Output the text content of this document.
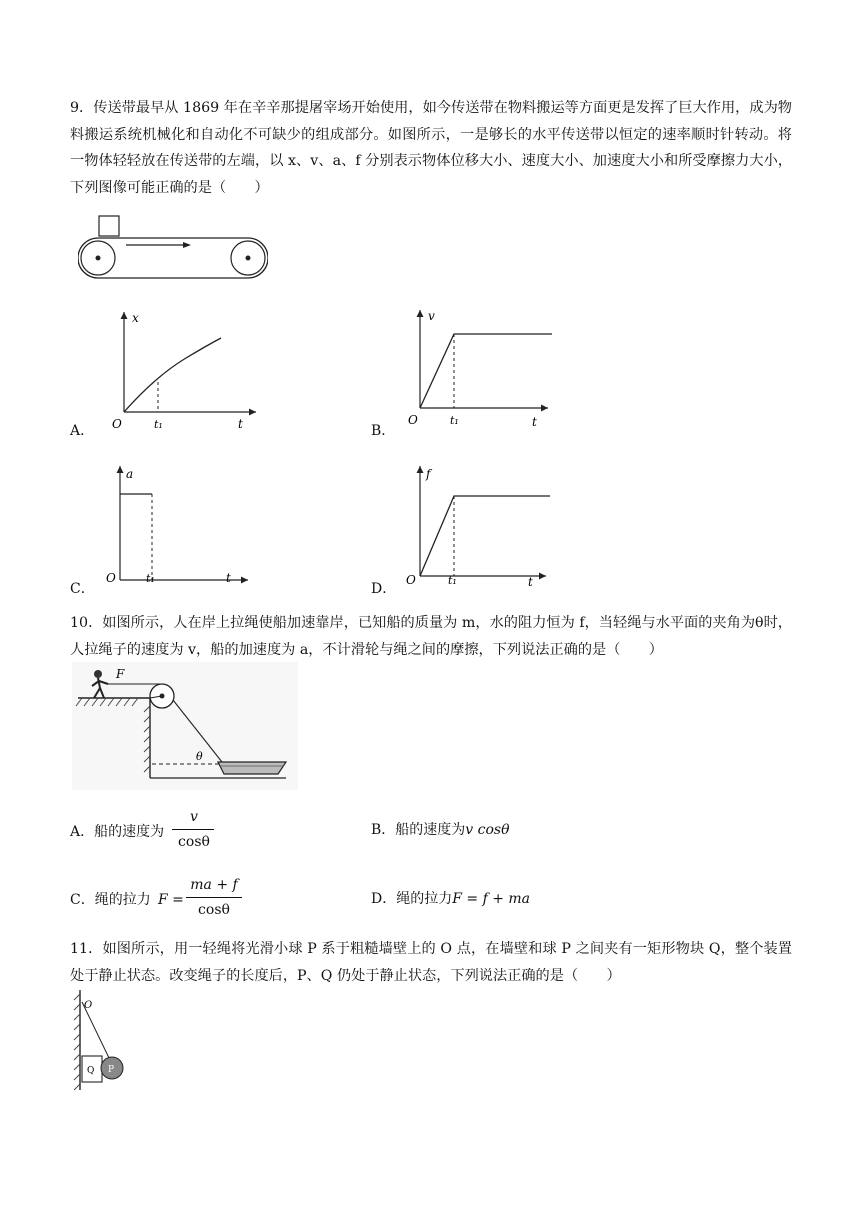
9．传送带最早从 1869 年在辛辛那提屠宰场开始使用，如今传送带在物料搬运等方面更是发挥了巨大作用，成为物料搬运系统机械化和自动化不可缺少的组成部分。如图所示，一是够长的水平传送带以恒定的速率顺时针转动。将一物体轻轻放在传送带的左端，以 x、v、a、f 分别表示物体位移大小、速度大小、加速度大小和所受摩擦力大小，下列图像可能正确的是（　　）

A．
x
O	t₁	t	B．
v
O	t₁	t
C．
a
O	t₁	t
D．
f
O	t₁	t

10．如图所示，人在岸上拉绳使船加速靠岸，已知船的质量为 m，水的阻力恒为 f，当轻绳与水平面的夹角为θ时，人拉绳子的速度为 v，船的加速度为 a，不计滑轮与绳之间的摩擦，下列说法正确的是（　　）

F
θ
A．船的速度为
v
cosθ
B．船的速度为v cosθ
C．绳的拉力 F =
ma + f
cosθ
D．绳的拉力F = f + ma

11．如图所示，用一轻绳将光滑小球 P 系于粗糙墙壁上的 O 点，在墙壁和球 P 之间夹有一矩形物块 Q，整个装置处于静止状态。改变绳子的长度后，P、Q 仍处于静止状态，下列说法正确的是（　　）

O
Q P
